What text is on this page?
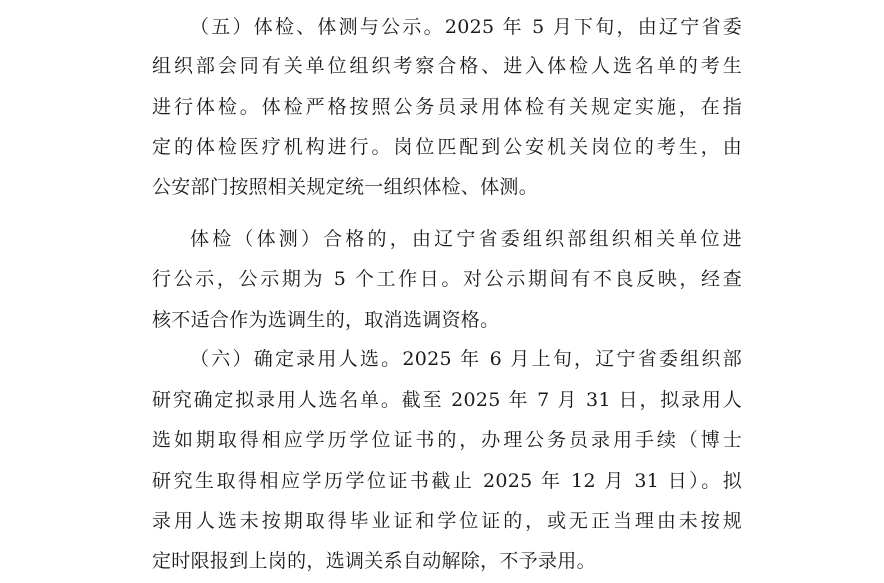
（五）体检、体测与公示。2025 年 5 月下旬，由辽宁省委
组织部会同有关单位组织考察合格、进入体检人选名单的考生
进行体检。体检严格按照公务员录用体检有关规定实施，在指
定的体检医疗机构进行。岗位匹配到公安机关岗位的考生，由
公安部门按照相关规定统一组织体检、体测。
体检（体测）合格的，由辽宁省委组织部组织相关单位进
行公示，公示期为 5 个工作日。对公示期间有不良反映，经查
核不适合作为选调生的，取消选调资格。
（六）确定录用人选。2025 年 6 月上旬，辽宁省委组织部
研究确定拟录用人选名单。截至 2025 年 7 月 31 日，拟录用人
选如期取得相应学历学位证书的，办理公务员录用手续（博士
研究生取得相应学历学位证书截止 2025 年 12 月 31 日）。拟
录用人选未按期取得毕业证和学位证的，或无正当理由未按规
定时限报到上岗的，选调关系自动解除，不予录用。
